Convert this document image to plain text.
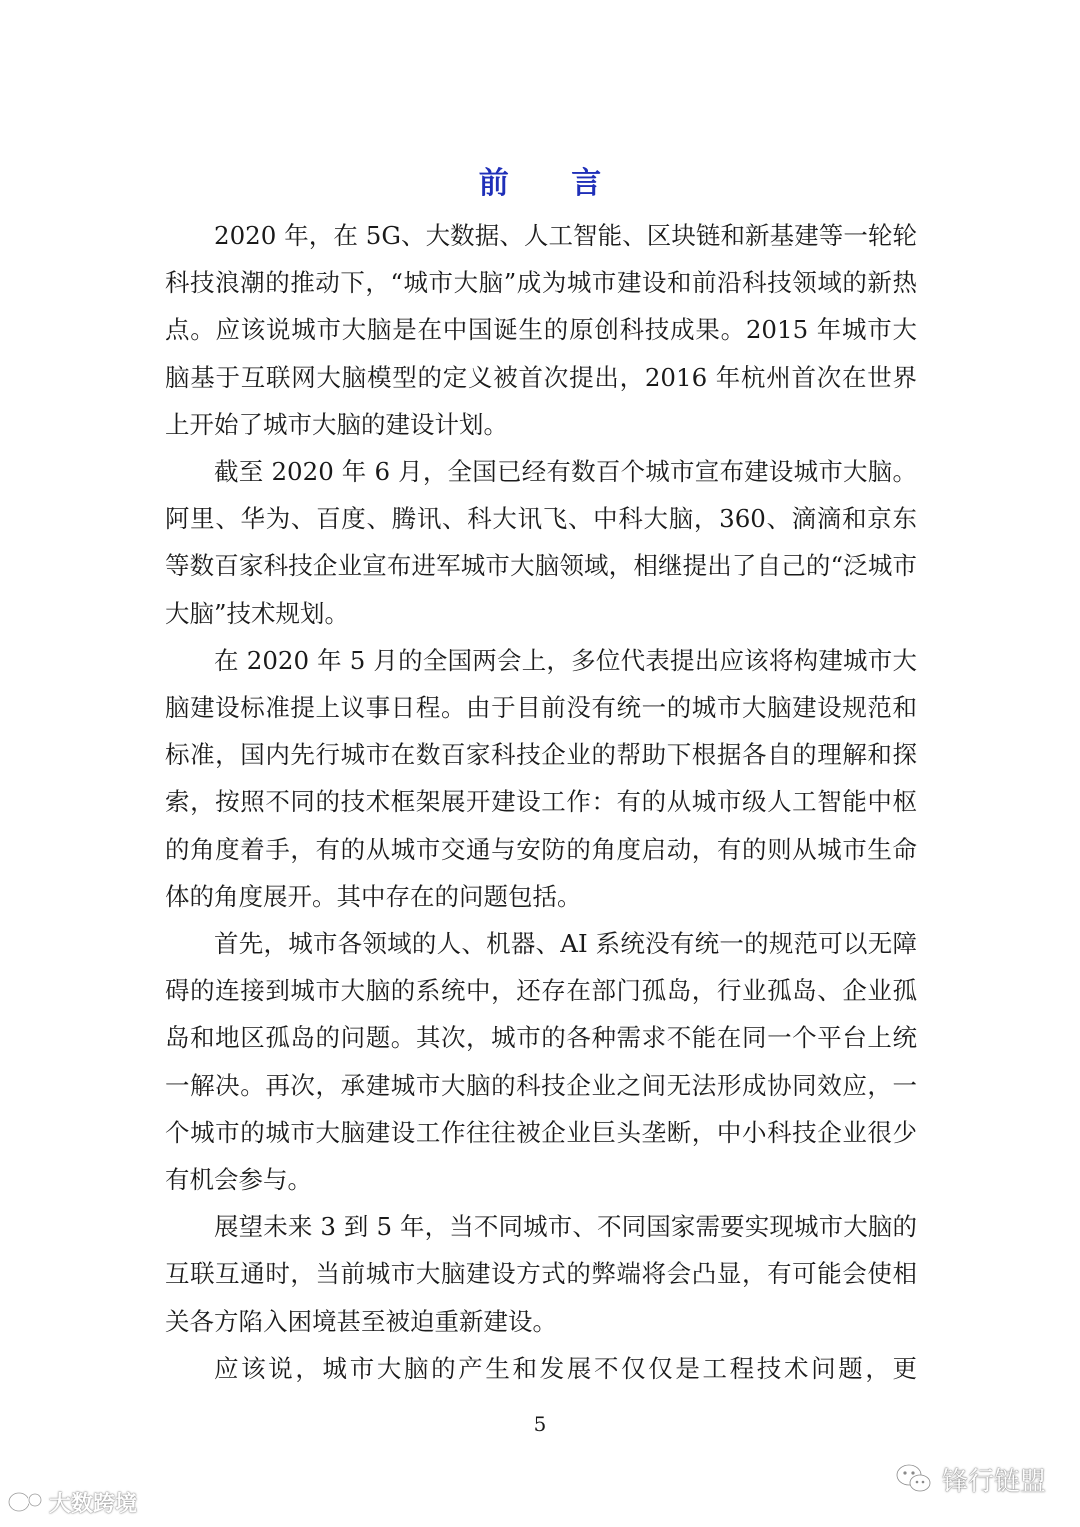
前 言

2020 年，在 5G、大数据、人工智能、区块链和新基建等一轮轮科技浪潮的推动下，“城市大脑”成为城市建设和前沿科技领域的新热点。应该说城市大脑是在中国诞生的原创科技成果。2015 年城市大脑基于互联网大脑模型的定义被首次提出，2016 年杭州首次在世界上开始了城市大脑的建设计划。

截至 2020 年 6 月，全国已经有数百个城市宣布建设城市大脑。阿里、华为、百度、腾讯、科大讯飞、中科大脑，360、滴滴和京东等数百家科技企业宣布进军城市大脑领域，相继提出了自己的“泛城市大脑”技术规划。

在 2020 年 5 月的全国两会上，多位代表提出应该将构建城市大脑建设标准提上议事日程。由于目前没有统一的城市大脑建设规范和标准，国内先行城市在数百家科技企业的帮助下根据各自的理解和探索，按照不同的技术框架展开建设工作：有的从城市级人工智能中枢的角度着手，有的从城市交通与安防的角度启动，有的则从城市生命体的角度展开。其中存在的问题包括。

首先，城市各领域的人、机器、AI 系统没有统一的规范可以无障碍的连接到城市大脑的系统中，还存在部门孤岛，行业孤岛、企业孤岛和地区孤岛的问题。其次，城市的各种需求不能在同一个平台上统一解决。再次，承建城市大脑的科技企业之间无法形成协同效应，一个城市的城市大脑建设工作往往被企业巨头垄断，中小科技企业很少有机会参与。

展望未来 3 到 5 年，当不同城市、不同国家需要实现城市大脑的互联互通时，当前城市大脑建设方式的弊端将会凸显，有可能会使相关各方陷入困境甚至被迫重新建设。

应该说，城市大脑的产生和发展不仅仅是工程技术问题，更

5
大数跨境
锋行链盟
